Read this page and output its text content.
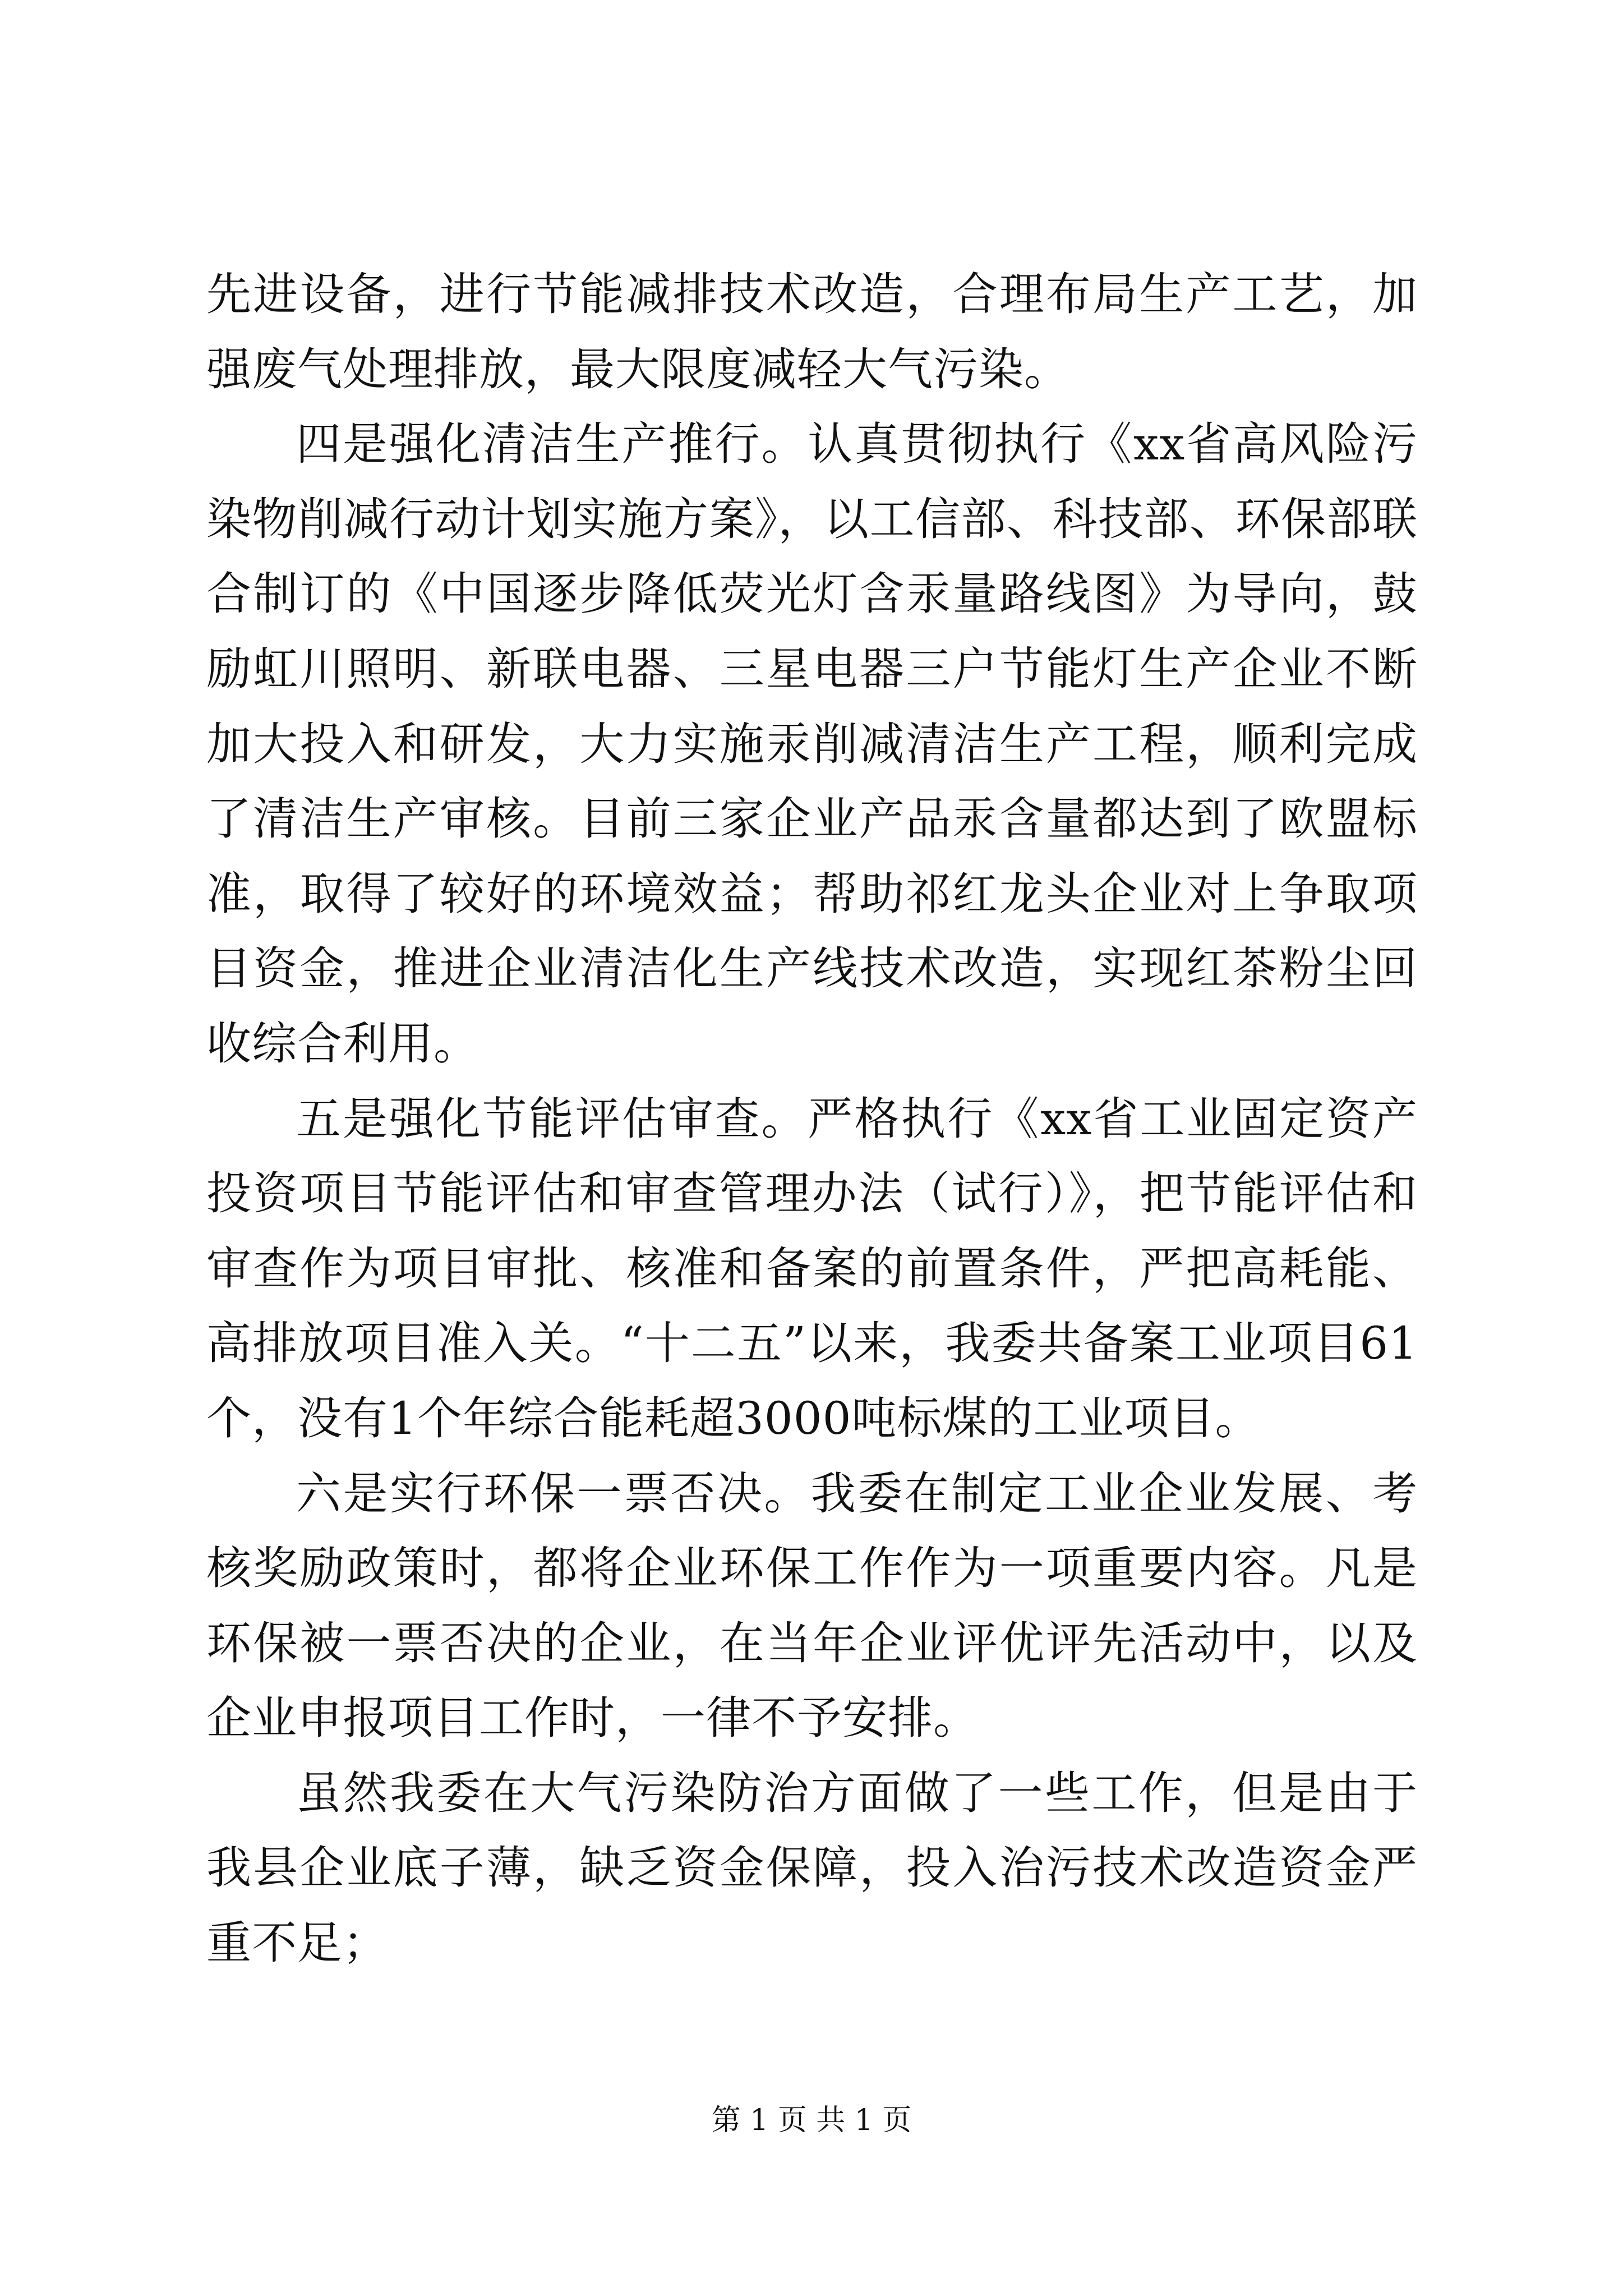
先进设备，进行节能减排技术改造，合理布局生产工艺，加强废气处理排放，最大限度减轻大气污染。

四是强化清洁生产推行。认真贯彻执行《xx省高风险污染物削减行动计划实施方案》，以工信部、科技部、环保部联合制订的《中国逐步降低荧光灯含汞量路线图》为导向，鼓励虹川照明、新联电器、三星电器三户节能灯生产企业不断加大投入和研发，大力实施汞削减清洁生产工程，顺利完成了清洁生产审核。目前三家企业产品汞含量都达到了欧盟标准，取得了较好的环境效益；帮助祁红龙头企业对上争取项目资金，推进企业清洁化生产线技术改造，实现红茶粉尘回收综合利用。

五是强化节能评估审查。严格执行《xx省工业固定资产投资项目节能评估和审查管理办法（试行）》，把节能评估和审查作为项目审批、核准和备案的前置条件，严把高耗能、高排放项目准入关。“十二五”以来，我委共备案工业项目61个，没有1个年综合能耗超3000吨标煤的工业项目。

六是实行环保一票否决。我委在制定工业企业发展、考核奖励政策时，都将企业环保工作作为一项重要内容。凡是环保被一票否决的企业，在当年企业评优评先活动中，以及企业申报项目工作时，一律不予安排。

虽然我委在大气污染防治方面做了一些工作，但是由于我县企业底子薄，缺乏资金保障，投入治污技术改造资金严重不足；

第 1 页 共 1 页
